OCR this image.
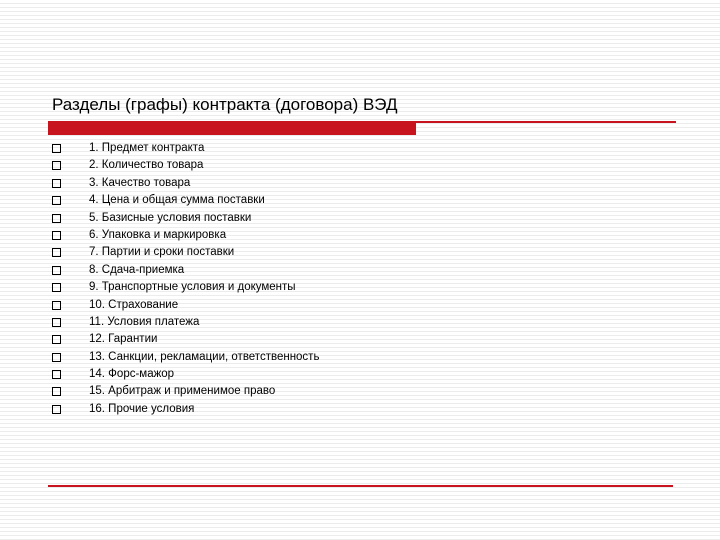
Разделы (графы) контракта (договора) ВЭД
1. Предмет контракта
2. Количество товара
3. Качество товара
4. Цена и общая сумма поставки
5. Базисные условия поставки
6. Упаковка и маркировка
7. Партии и сроки поставки
8. Сдача-приемка
9. Транспортные условия и документы
10. Страхование
11. Условия платежа
12. Гарантии
13. Санкции, рекламации, ответственность
14. Форс-мажор
15. Арбитраж и применимое право
16. Прочие условия
